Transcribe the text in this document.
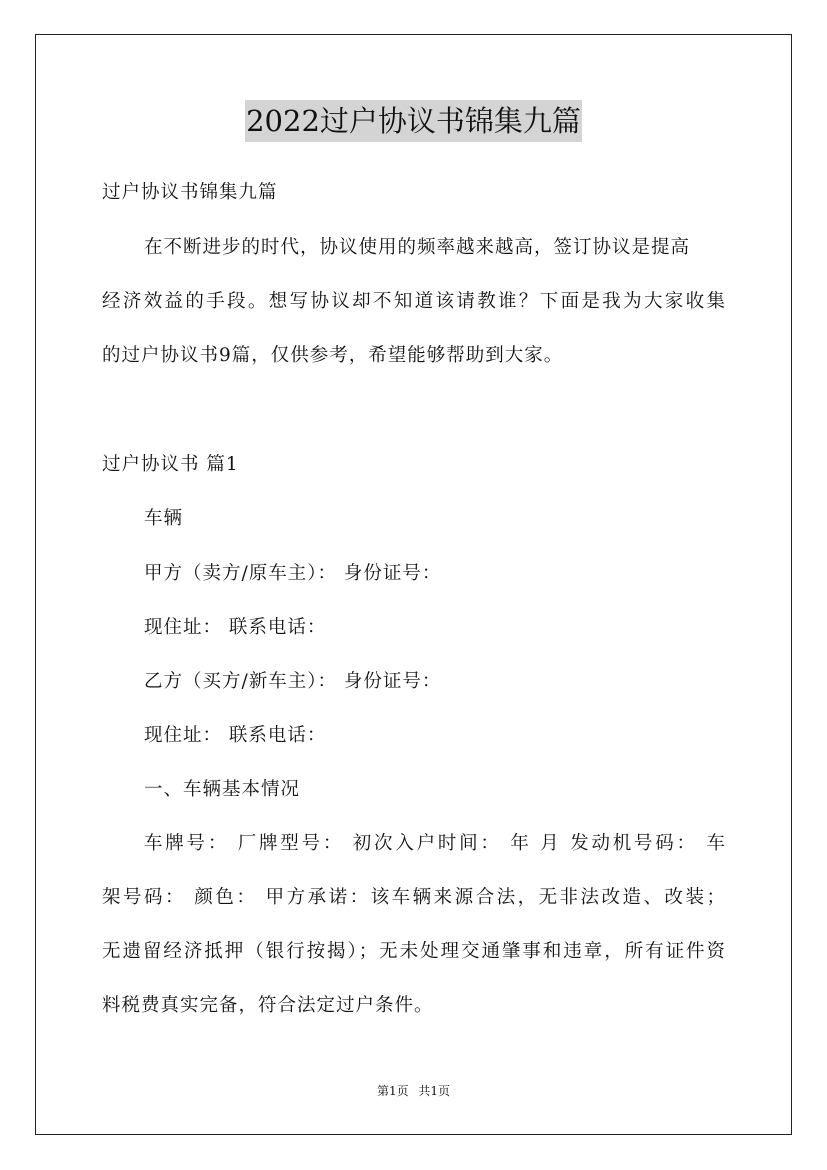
2022过户协议书锦集九篇
过户协议书锦集九篇
在不断进步的时代，协议使用的频率越来越高，签订协议是提高
经济效益的手段。想写协议却不知道该请教谁？下面是我为大家收集
的过户协议书9篇，仅供参考，希望能够帮助到大家。
过户协议书 篇1
车辆
甲方（卖方/原车主）： 身份证号：
现住址： 联系电话：
乙方（买方/新车主）： 身份证号：
现住址： 联系电话：
一、车辆基本情况
车牌号： 厂牌型号： 初次入户时间： 年 月 发动机号码： 车
架号码： 颜色： 甲方承诺：该车辆来源合法，无非法改造、改装；
无遗留经济抵押（银行按揭）；无未处理交通肇事和违章，所有证件资
料税费真实完备，符合法定过户条件。
第1页 共1页
